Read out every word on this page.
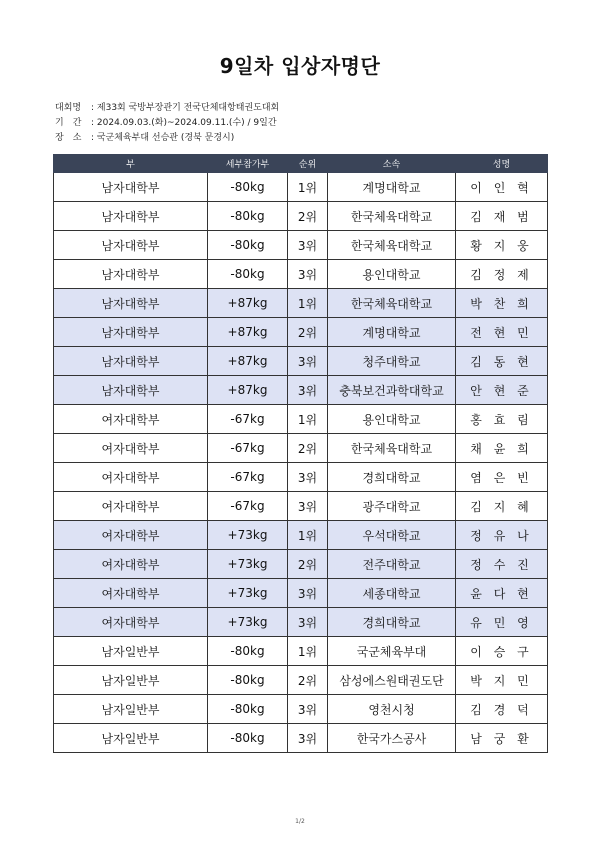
9일차 입상자명단
대회명 : 제33회 국방부장관기 전국단체대항태권도대회
기　간 : 2024.09.03.(화)~2024.09.11.(수) / 9일간
장　소 : 국군체육부대 선승관 (경북 문경시)
부	세부참가부	순위	소속	성명
남자대학부	-80kg	1위	계명대학교	이 인 혁
남자대학부	-80kg	2위	한국체육대학교	김 재 범
남자대학부	-80kg	3위	한국체육대학교	황 지 웅
남자대학부	-80kg	3위	용인대학교	김 정 제
남자대학부	+87kg	1위	한국체육대학교	박 찬 희
남자대학부	+87kg	2위	계명대학교	전 현 민
남자대학부	+87kg	3위	청주대학교	김 동 현
남자대학부	+87kg	3위	충북보건과학대학교	안 현 준
여자대학부	-67kg	1위	용인대학교	홍 효 림
여자대학부	-67kg	2위	한국체육대학교	채 윤 희
여자대학부	-67kg	3위	경희대학교	염 은 빈
여자대학부	-67kg	3위	광주대학교	김 지 혜
여자대학부	+73kg	1위	우석대학교	정 유 나
여자대학부	+73kg	2위	전주대학교	정 수 진
여자대학부	+73kg	3위	세종대학교	윤 다 현
여자대학부	+73kg	3위	경희대학교	유 민 영
남자일반부	-80kg	1위	국군체육부대	이 승 구
남자일반부	-80kg	2위	삼성에스원태권도단	박 지 민
남자일반부	-80kg	3위	영천시청	김 경 덕
남자일반부	-80kg	3위	한국가스공사	남 궁 환
1/2
